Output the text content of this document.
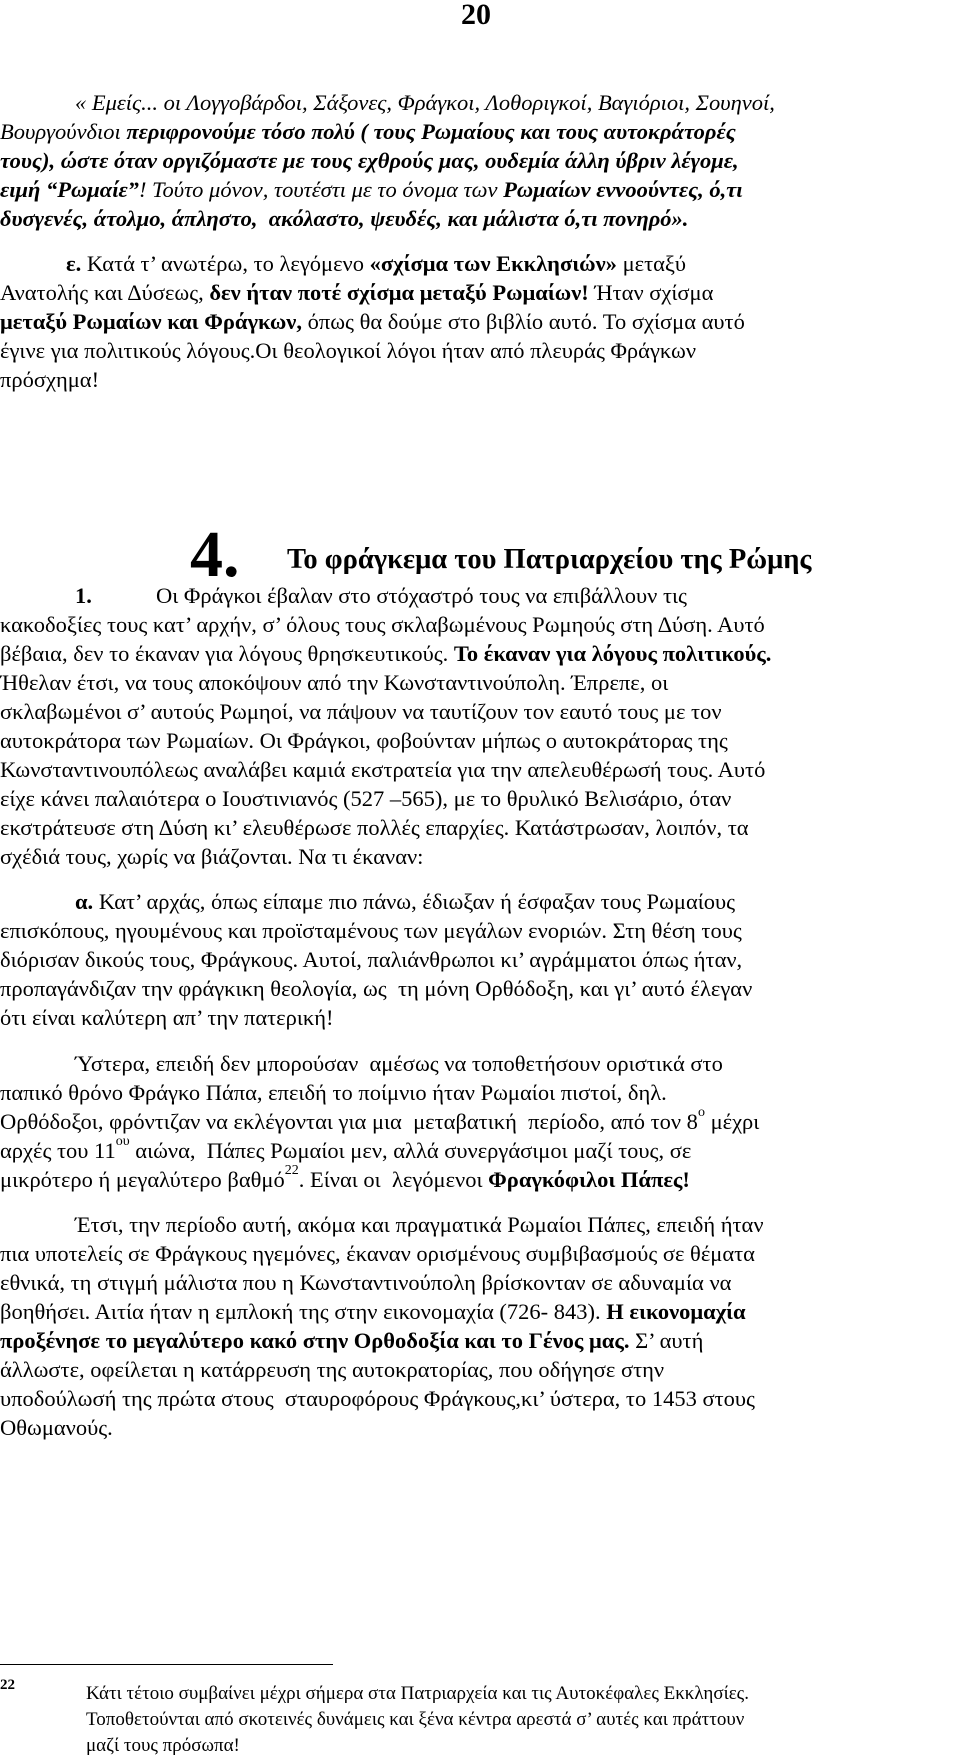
20
« Εμείς... οι Λογγοβάρδοι, Σάξονες, Φράγκοι, Λοθοριγκοί, Βαγιόριοι, Σουηνοί,
Βουργούνδιοι περιφρονούμε τόσο πολύ ( τους Ρωμαίους και τους αυτοκράτορές
τους), ώστε όταν οργιζόμαστε με τους εχθρούς μας, ουδεμία άλλη ύβριν λέγομε,
ειμή “Ρωμαίε”! Τούτο μόνον, τουτέστι με το όνομα των Ρωμαίων εννοούντες, ό,τι
δυσγενές, άτολμο, άπληστο,  ακόλαστο, ψευδές, και μάλιστα ό,τι πονηρό».
ε. Κατά τ’ ανωτέρω, το λεγόμενο «σχίσμα των Εκκλησιών» μεταξύ
Ανατολής και Δύσεως, δεν ήταν ποτέ σχίσμα μεταξύ Ρωμαίων! Ήταν σχίσμα
μεταξύ Ρωμαίων και Φράγκων, όπως θα δούμε στο βιβλίο αυτό. Το σχίσμα αυτό
έγινε για πολιτικούς λόγους.Οι θεολογικοί λόγοι ήταν από πλευράς Φράγκων
πρόσχημα!
4. Το φράγκεμα του Πατριαρχείου της Ρώμης
1.	Οι Φράγκοι έβαλαν στο στόχαστρό τους να επιβάλλουν τις
κακοδοξίες τους κατ’ αρχήν, σ’ όλους τους σκλαβωμένους Ρωμηούς στη Δύση. Αυτό
βέβαια, δεν το έκαναν για λόγους θρησκευτικούς. Το έκαναν για λόγους πολιτικούς.
Ήθελαν έτσι, να τους αποκόψουν από την Κωνσταντινούπολη. Έπρεπε, οι
σκλαβωμένοι σ’ αυτούς Ρωμηοί, να πάψουν να ταυτίζουν τον εαυτό τους με τον
αυτοκράτορα των Ρωμαίων. Οι Φράγκοι, φοβούνταν μήπως ο αυτοκράτορας της
Κωνσταντινουπόλεως αναλάβει καμιά εκστρατεία για την απελευθέρωσή τους. Αυτό
είχε κάνει παλαιότερα ο Ιουστινιανός (527 –565), με το θρυλικό Βελισάριο, όταν
εκστράτευσε στη Δύση κι’ ελευθέρωσε πολλές επαρχίες. Κατάστρωσαν, λοιπόν, τα
σχέδιά τους, χωρίς να βιάζονται. Να τι έκαναν:
α. Κατ’ αρχάς, όπως είπαμε πιο πάνω, έδιωξαν ή έσφαξαν τους Ρωμαίους
επισκόπους, ηγουμένους και προϊσταμένους των μεγάλων ενοριών. Στη θέση τους
διόρισαν δικούς τους, Φράγκους. Αυτοί, παλιάνθρωποι κι’ αγράμματοι όπως ήταν,
προπαγάνδιζαν την φράγκικη θεολογία, ως  τη μόνη Ορθόδοξη, και γι’ αυτό έλεγαν
ότι είναι καλύτερη απ’ την πατερική!
Ύστερα, επειδή δεν μπορούσαν  αμέσως να τοποθετήσουν οριστικά στο
παπικό θρόνο Φράγκο Πάπα, επειδή το ποίμνιο ήταν Ρωμαίοι πιστοί, δηλ.
Ορθόδοξοι, φρόντιζαν να εκλέγονται για μια  μεταβατική  περίοδο, από τον $8^o$ μέχρι
αρχές του $11^{o\upsilon}$ αιώνα,  Πάπες Ρωμαίοι μεν, αλλά συνεργάσιμοι μαζί τους, σε
μικρότερο ή μεγαλύτερο βαθμό$^{22}$. Είναι οι  λεγόμενοι Φραγκόφιλοι Πάπες!
Έτσι, την περίοδο αυτή, ακόμα και πραγματικά Ρωμαίοι Πάπες, επειδή ήταν
πια υποτελείς σε Φράγκους ηγεμόνες, έκαναν ορισμένους συμβιβασμούς σε θέματα
εθνικά, τη στιγμή μάλιστα που η Κωνσταντινούπολη βρίσκονταν σε αδυναμία να
βοηθήσει. Αιτία ήταν η εμπλοκή της στην εικονομαχία (726- 843). Η εικονομαχία
προξένησε το μεγαλύτερο κακό στην Ορθοδοξία και το Γένος μας. Σ’ αυτή
άλλωστε, οφείλεται η κατάρρευση της αυτοκρατορίας, που οδήγησε στην
υποδούλωσή της πρώτα στους  σταυροφόρους Φράγκους,κι’ ύστερα, το 1453 στους
Οθωμανούς.
22	Κάτι τέτοιο συμβαίνει μέχρι σήμερα στα Πατριαρχεία και τις Αυτοκέφαλες Εκκλησίες.
Τοποθετούνται από σκοτεινές δυνάμεις και ξένα κέντρα αρεστά σ’ αυτές και πράττουν
μαζί τους πρόσωπα!
